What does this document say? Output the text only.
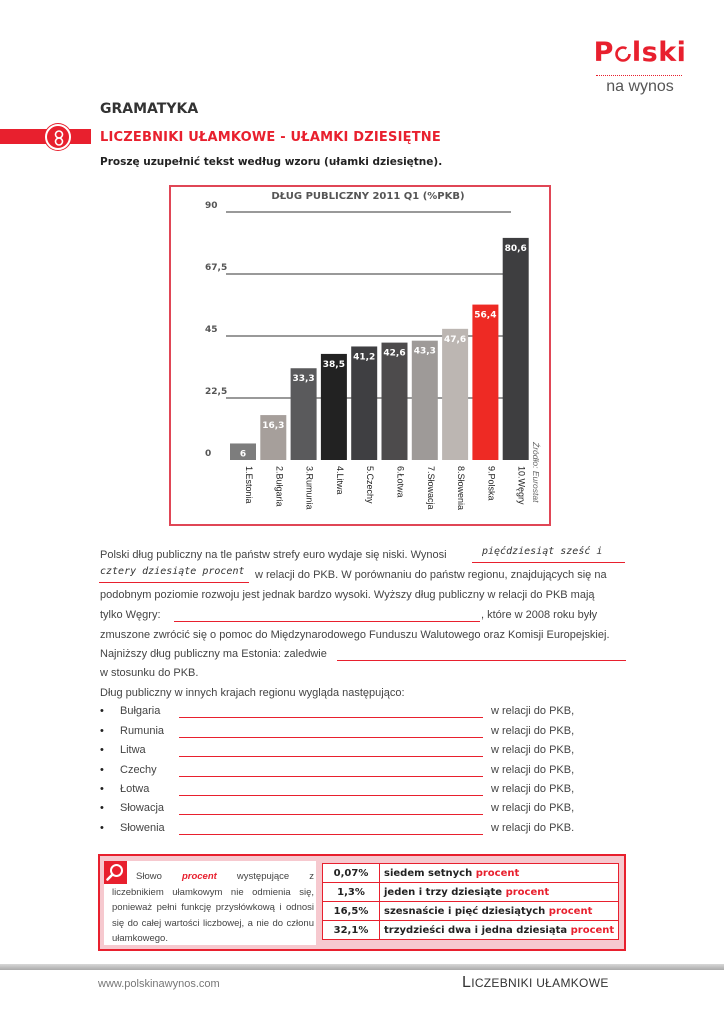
P lski
na wynos
GRAMATYKA
LICZEBNIKI UŁAMKOWE - UŁAMKI DZIESIĘTNE
Proszę uzupełnić tekst według wzoru (ułamki dziesiętne).
DŁUG PUBLICZNY 2011 Q1 (%PKB)
0
22,5
45
67,5
90
6
1.Estonia
16,3
2.Bułgaria
33,3
3.Rumunia
38,5
4.Litwa
41,2
5.Czechy
42,6
6.Łotwa
43,3
7.Słowacja
47,6
8.Słowenia
56,4
9.Polska
80,6
10.Węgry Źródło: Eurostat
Polski dług publiczny na tle państw strefy euro wydaje się niski. Wynosi	pięćdziesiąt sześć i
cztery dziesiąte procent w relacji do PKB. W porównaniu do państw regionu, znajdujących się na
podobnym poziomie rozwoju jest jednak bardzo wysoki. Wyższy dług publiczny w relacji do PKB mają
tylko Węgry:	, które w 2008 roku były
zmuszone zwrócić się o pomoc do Międzynarodowego Funduszu Walutowego oraz Komisji Europejskiej.
Najniższy dług publiczny ma Estonia: zaledwie
w stosunku do PKB.
Dług publiczny w innych krajach regionu wygląda następująco:
• Bułgaria	w relacji do PKB,
• Rumunia	w relacji do PKB,
• Litwa	w relacji do PKB,
• Czechy	w relacji do PKB,
• Łotwa	w relacji do PKB,
• Słowacja	w relacji do PKB,
• Słowenia	w relacji do PKB.
Słowo procent występujące z liczebnikiem ułamkowym nie odmienia się, ponieważ pełni funkcję przysłówkową i odnosi się do całej wartości liczbowej, a nie do członu ułamkowego.
0,07%	siedem setnych procent
1,3%	jeden i trzy dziesiąte procent
16,5%	szesnaście i pięć dziesiątych procent
32,1%	trzydzieści dwa i jedna dziesiąta procent
www.polskinawynos.com	LICZEBNIKI UŁAMKOWE
